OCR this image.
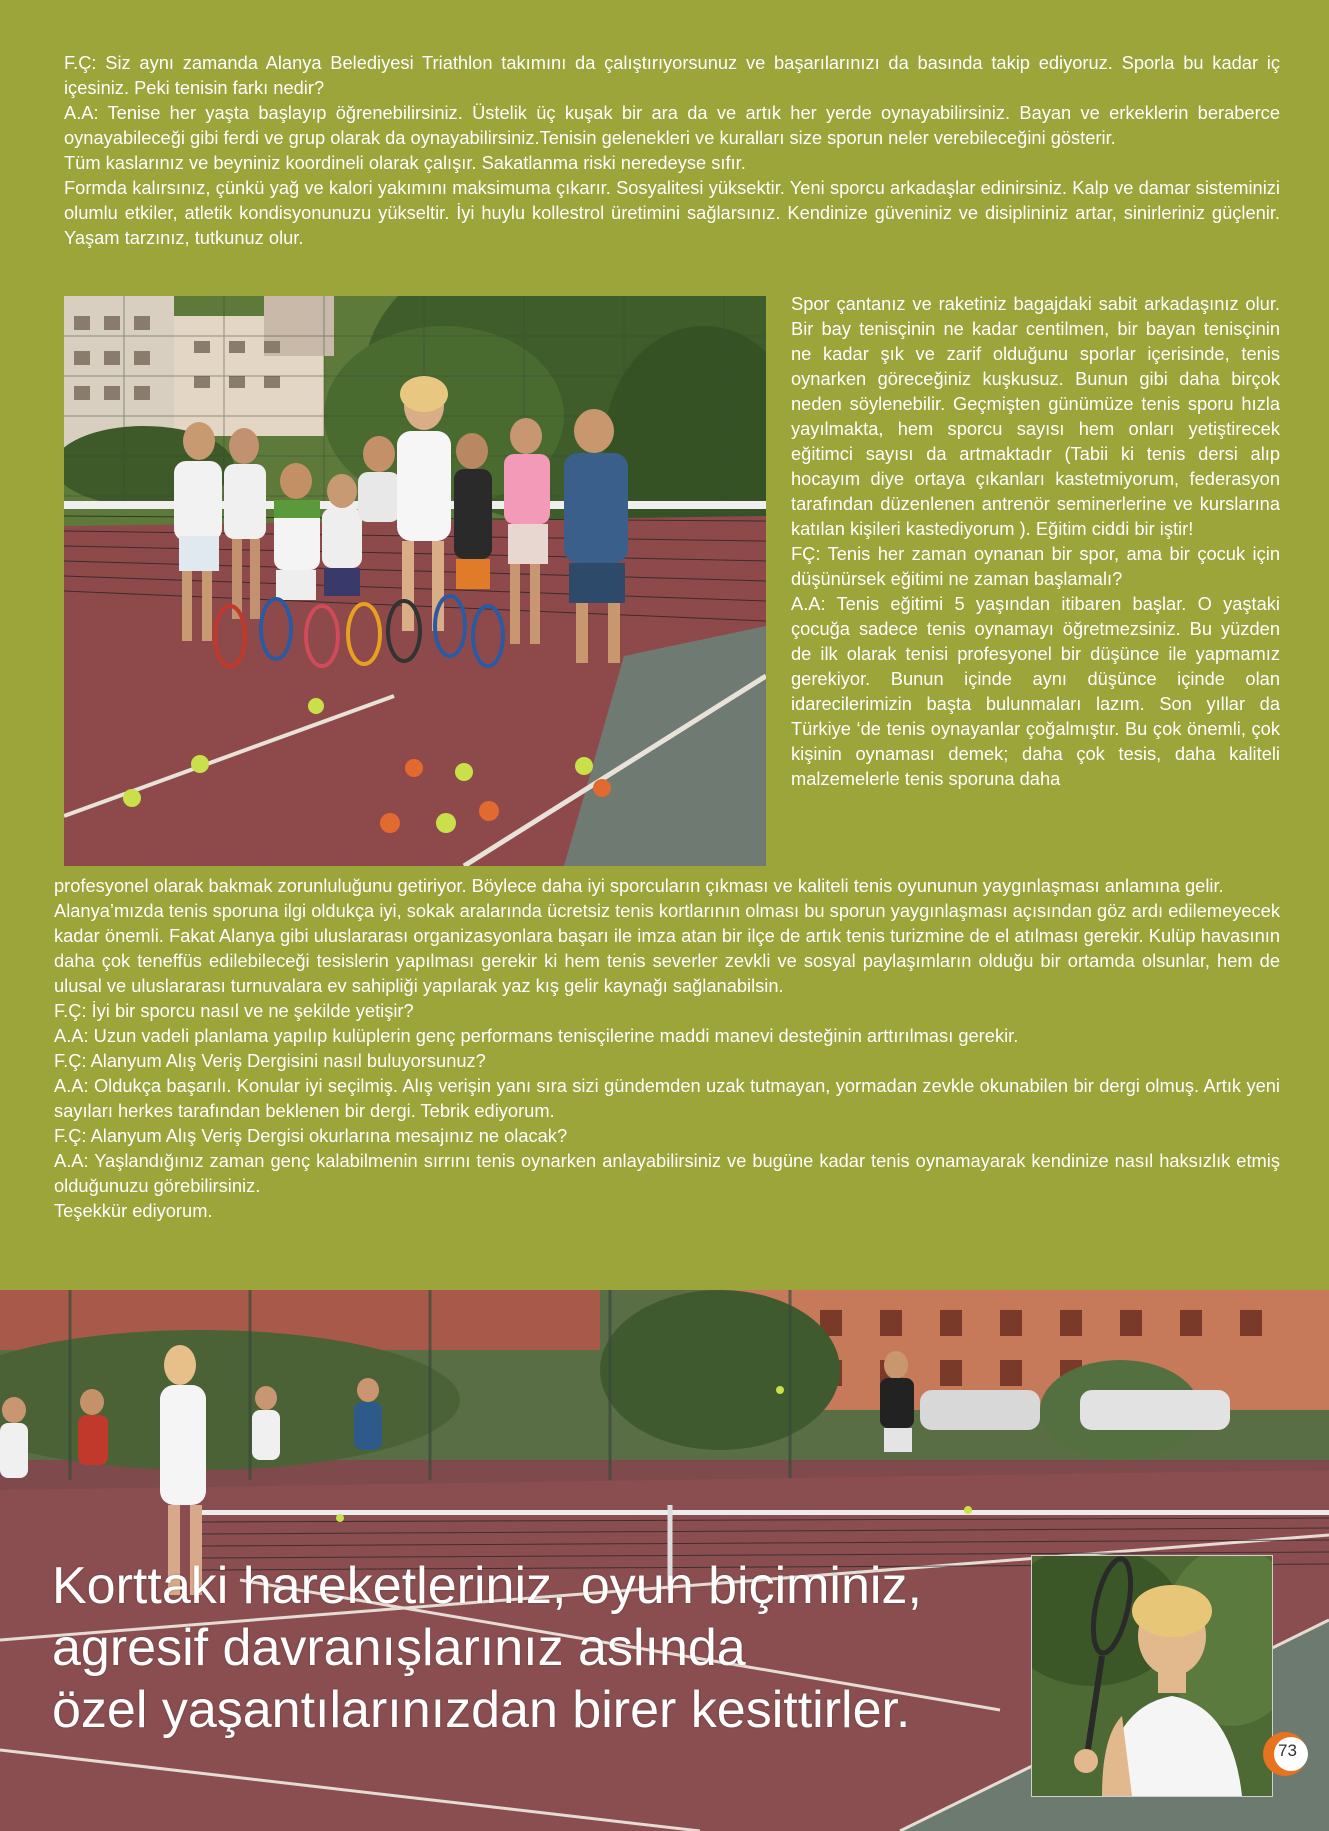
F.Ç: Siz aynı zamanda Alanya Belediyesi Triathlon takımını da çalıştırıyorsunuz ve başarılarınızı da basında takip ediyoruz. Sporla bu kadar iç içesiniz. Peki tenisin farkı nedir?

A.A: Tenise her yaşta başlayıp öğrenebilirsiniz. Üstelik üç kuşak bir ara da ve artık her yerde oynayabilirsiniz. Bayan ve erkeklerin beraberce oynayabileceği gibi ferdi ve grup olarak da oynayabilirsiniz.Tenisin gelenekleri ve kuralları size sporun neler verebileceğini gösterir.

Tüm kaslarınız ve beyniniz koordineli olarak çalışır. Sakatlanma riski neredeyse sıfır.

Formda kalırsınız, çünkü yağ ve kalori yakımını maksimuma çıkarır. Sosyalitesi yüksektir. Yeni sporcu arkadaşlar edinirsiniz. Kalp ve damar sisteminizi olumlu etkiler, atletik kondisyonunuzu yükseltir. İyi huylu kollestrol üretimini sağlarsınız. Kendinize güveniniz ve disiplininiz artar, sinirleriniz güçlenir. Yaşam tarzınız, tutkunuz olur.

Spor çantanız ve raketiniz bagajdaki sabit arkadaşınız olur. Bir bay tenisçinin ne kadar centilmen, bir bayan tenisçinin ne kadar şık ve zarif olduğunu sporlar içerisinde, tenis oynarken göreceğiniz kuşkusuz. Bunun gibi daha birçok neden söylenebilir. Geçmişten günümüze tenis sporu hızla yayılmakta, hem sporcu sayısı hem onları yetiştirecek eğitimci sayısı da artmaktadır (Tabii ki tenis dersi alıp hocayım diye ortaya çıkanları kastetmiyorum, federasyon tarafından düzenlenen antrenör seminerlerine ve kurslarına katılan kişileri kastediyorum ). Eğitim ciddi bir iştir!

FÇ: Tenis her zaman oynanan bir spor, ama bir çocuk için düşünürsek eğitimi ne zaman başlamalı?

A.A: Tenis eğitimi 5 yaşından itibaren başlar. O yaştaki çocuğa sadece tenis oynamayı öğretmezsiniz. Bu yüzden de ilk olarak tenisi profesyonel bir düşünce ile yapmamız gerekiyor. Bunun içinde aynı düşünce içinde olan idarecilerimizin başta bulunmaları lazım. Son yıllar da Türkiye ‘de tenis oynayanlar çoğalmıştır. Bu çok önemli, çok kişinin oynaması demek; daha çok tesis, daha kaliteli malzemelerle tenis sporuna daha

profesyonel olarak bakmak zorunluluğunu getiriyor. Böylece daha iyi sporcuların çıkması ve kaliteli tenis oyununun yaygınlaşması anlamına gelir.

Alanya’mızda tenis sporuna ilgi oldukça iyi, sokak aralarında ücretsiz tenis kortlarının olması bu sporun yaygınlaşması açısından göz ardı edilemeyecek kadar önemli. Fakat Alanya gibi uluslararası organizasyonlara başarı ile imza atan bir ilçe de artık tenis turizmine de el atılması gerekir. Kulüp havasının daha çok teneffüs edilebileceği tesislerin yapılması gerekir ki hem tenis severler zevkli ve sosyal paylaşımların olduğu bir ortamda olsunlar, hem de ulusal ve uluslararası turnuvalara ev sahipliği yapılarak yaz kış gelir kaynağı sağlanabilsin.

F.Ç: İyi bir sporcu nasıl ve ne şekilde yetişir?

A.A: Uzun vadeli planlama yapılıp kulüplerin genç performans tenisçilerine maddi manevi desteğinin arttırılması gerekir.

F.Ç: Alanyum Alış Veriş Dergisini nasıl buluyorsunuz?

A.A: Oldukça başarılı. Konular iyi seçilmiş. Alış verişin yanı sıra sizi gündemden uzak tutmayan, yormadan zevkle okunabilen bir dergi olmuş. Artık yeni sayıları herkes tarafından beklenen bir dergi. Tebrik ediyorum.

F.Ç: Alanyum Alış Veriş Dergisi okurlarına mesajınız ne olacak?

A.A: Yaşlandığınız zaman genç kalabilmenin sırrını tenis oynarken anlayabilirsiniz ve bugüne kadar tenis oynamayarak kendinize nasıl haksızlık etmiş olduğunuzu görebilirsiniz.

Teşekkür ediyorum.

Korttaki hareketleriniz, oyun biçiminiz,
agresif davranışlarınız aslında
özel yaşantılarınızdan birer kesittirler.
73
